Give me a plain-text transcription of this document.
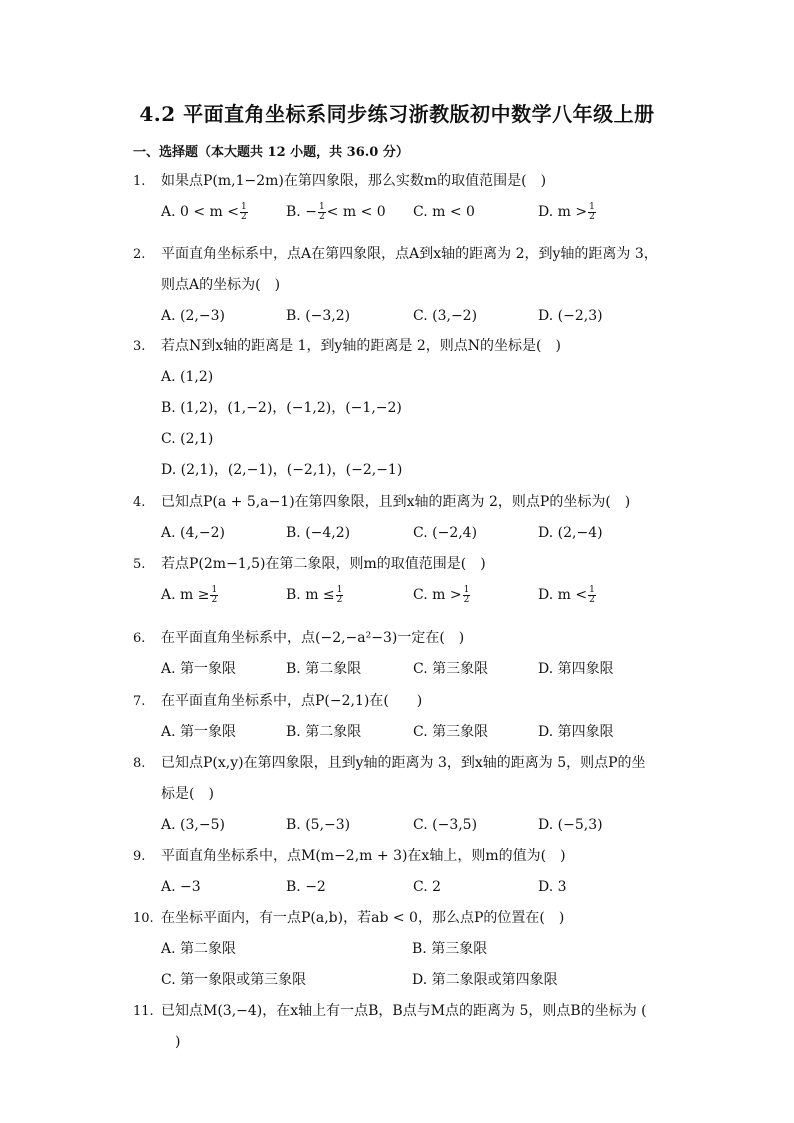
4.2 平面直角坐标系同步练习浙教版初中数学八年级上册
一、选择题（本大题共 12 小题，共 36.0 分）
1. 如果点P(m,1−2m)在第四象限，那么实数m的取值范围是(　)
A. $0 < m < \frac{1}{2}$	B. − $\frac{1}{2} < m < 0$ C. m < 0	D. $m > \frac{1}{2}$
2. 平面直角坐标系中，点A在第四象限，点A到x轴的距离为 2，到y轴的距离为 3，
则点A的坐标为(　)
A. (2,−3)	B. (−3,2)	C. (3,−2)	D. (−2,3)
3. 若点N到x轴的距离是 1，到y轴的距离是 2，则点N的坐标是(　)
A. (1,2)
B. (1,2)，(1,−2)，(−1,2)，(−1,−2)
C. (2,1)
D. (2,1)，(2,−1)，(−2,1)，(−2,−1)
4. 已知点P(a + 5,a−1)在第四象限，且到x轴的距离为 2，则点P的坐标为(　)
A. (4,−2)	B. (−4,2)	C. (−2,4)	D. (2,−4)
5. 若点P(2m−1,5)在第二象限，则m的取值范围是(　)
A. $m \ge \frac{1}{2}$	B. $m \le \frac{1}{2}$	C. $m > \frac{1}{2}$	D. $m < \frac{1}{2}$
6. 在平面直角坐标系中，点(−2,−a²−3)一定在(　)
A. 第一象限	B. 第二象限	C. 第三象限	D. 第四象限
7. 在平面直角坐标系中，点P(−2,1)在(　　)
A. 第一象限	B. 第二象限	C. 第三象限	D. 第四象限
8. 已知点P(x,y)在第四象限，且到y轴的距离为 3，到x轴的距离为 5，则点P的坐
标是(　)
A. (3,−5)	B. (5,−3)	C. (−3,5)	D. (−5,3)
9. 平面直角坐标系中，点M(m−2,m + 3)在x轴上，则m的值为(　)
A. −3	B. −2	C. 2	D. 3
10. 在坐标平面内，有一点P(a,b)，若ab < 0，那么点P的位置在(　)
A. 第二象限	B. 第三象限
C. 第一象限或第三象限	D. 第二象限或第四象限
11. 已知点M(3,−4)，在x轴上有一点B，B点与M点的距离为 5，则点B的坐标为 (
　)
